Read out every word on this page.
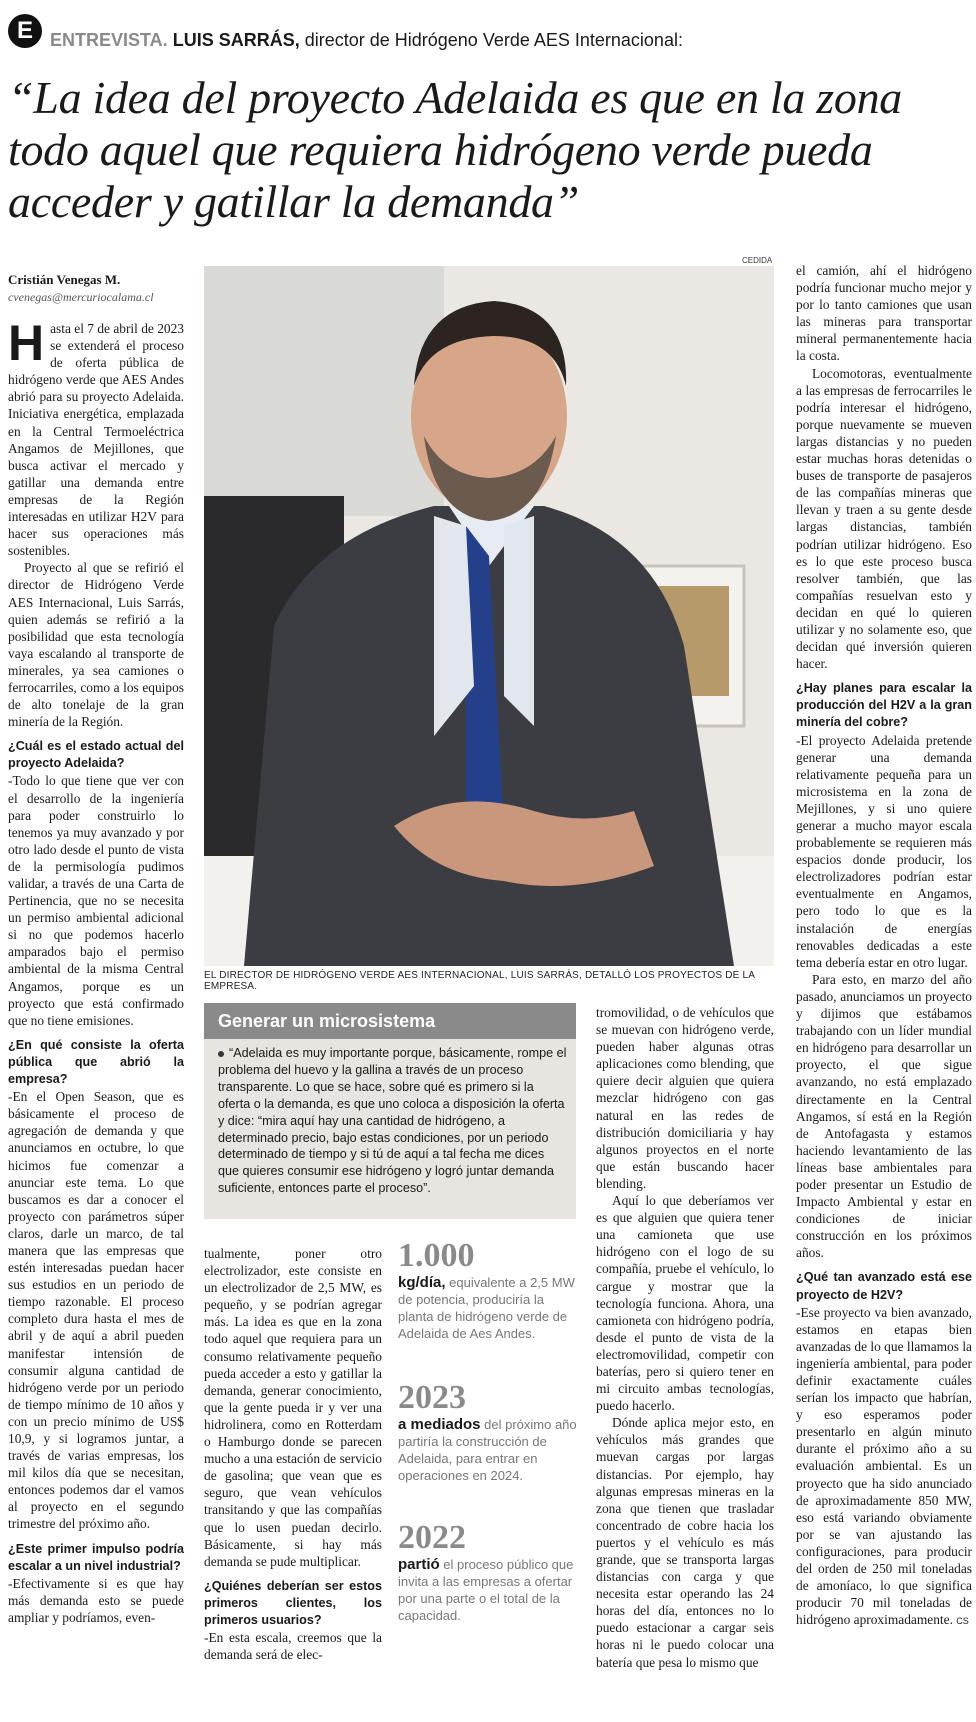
E ENTREVISTA. LUIS SARRÁS, director de Hidrógeno Verde AES Internacional:
“La idea del proyecto Adelaida es que en la zona todo aquel que requiera hidrógeno verde pueda acceder y gatillar la demanda”
Cristián Venegas M.
cvenegas@mercuriocalama.cl
CEDIDA

Hasta el 7 de abril de 2023 se extenderá el proceso de oferta pública de hidrógeno verde que AES Andes abrió para su proyecto Adelaida. Iniciativa energética, emplazada en la Central Termoeléctrica Angamos de Mejillones, que busca activar el mercado y gatillar una demanda entre empresas de la Región interesadas en utilizar H2V para hacer sus operaciones más sostenibles.

Proyecto al que se refirió el director de Hidrógeno Verde AES Internacional, Luis Sarrás, quien además se refirió a la posibilidad que esta tecnología vaya escalando al transporte de minerales, ya sea camiones o ferrocarriles, como a los equipos de alto tonelaje de la gran minería de la Región.

¿Cuál es el estado actual del proyecto Adelaida?

-Todo lo que tiene que ver con el desarrollo de la ingeniería para poder construirlo lo tenemos ya muy avanzado y por otro lado desde el punto de vista de la permisología pudimos validar, a través de una Carta de Pertinencia, que no se necesita un permiso ambiental adicional si no que podemos hacerlo amparados bajo el permiso ambiental de la misma Central Angamos, porque es un proyecto que está confirmado que no tiene emisiones.

¿En qué consiste la oferta pública que abrió la empresa?

-En el Open Season, que es básicamente el proceso de agregación de demanda y que anunciamos en octubre, lo que hicimos fue comenzar a anunciar este tema. Lo que buscamos es dar a conocer el proyecto con parámetros súper claros, darle un marco, de tal manera que las empresas que estén interesadas puedan hacer sus estudios en un periodo de tiempo razonable. El proceso completo dura hasta el mes de abril y de aquí a abril pueden manifestar intensión de consumir alguna cantidad de hidrógeno verde por un periodo de tiempo mínimo de 10 años y con un precio mínimo de US$ 10,9, y si logramos juntar, a través de varias empresas, los mil kilos día que se necesitan, entonces podemos dar el vamos al proyecto en el segundo trimestre del próximo año.

¿Este primer impulso podría escalar a un nivel industrial?

-Efectivamente si es que hay más demanda esto se puede ampliar y podríamos, even-

EL DIRECTOR DE HIDRÓGENO VERDE AES INTERNACIONAL, LUIS SARRÁS, DETALLÓ LOS PROYECTOS DE LA EMPRESA.
Generar un microsistema
“Adelaida es muy importante porque, básicamente, rompe el problema del huevo y la gallina a través de un proceso transparente. Lo que se hace, sobre qué es primero si la oferta o la demanda, es que uno coloca a disposición la oferta y dice: “mira aquí hay una cantidad de hidrógeno, a determinado precio, bajo estas condiciones, por un periodo determinado de tiempo y si tú de aquí a tal fecha me dices que quieres consumir ese hidrógeno y logró juntar demanda suficiente, entonces parte el proceso”.

tualmente, poner otro electrolizador, este consiste en un electrolizador de 2,5 MW, es pequeño, y se podrían agregar más. La idea es que en la zona todo aquel que requiera para un consumo relativamente pequeño pueda acceder a esto y gatillar la demanda, generar conocimiento, que la gente pueda ir y ver una hidrolinera, como en Rotterdam o Hamburgo donde se parecen mucho a una estación de servicio de gasolina; que vean que es seguro, que vean vehículos transitando y que las compañías que lo usen puedan decirlo. Básicamente, si hay más demanda se pude multiplicar.

¿Quiénes deberían ser estos primeros clientes, los primeros usuarios?

-En esta escala, creemos que la demanda será de elec-

1.000
kg/día, equivalente a 2,5 MW de potencia, produciría la planta de hidrógeno verde de Adelaida de Aes Andes.
2023
a mediados del próximo año partiría la construcción de Adelaida, para entrar en operaciones en 2024.
2022
partió el proceso público que invita a las empresas a ofertar por una parte o el total de la capacidad.

tromovilidad, o de vehículos que se muevan con hidrógeno verde, pueden haber algunas otras aplicaciones como blending, que quiere decir alguien que quiera mezclar hidrógeno con gas natural en las redes de distribución domiciliaria y hay algunos proyectos en el norte que están buscando hacer blending.

Aquí lo que deberíamos ver es que alguien que quiera tener una camioneta que use hidrógeno con el logo de su compañía, pruebe el vehículo, lo cargue y mostrar que la tecnología funciona. Ahora, una camioneta con hidrógeno podría, desde el punto de vista de la electromovilidad, competir con baterías, pero si quiero tener en mi circuito ambas tecnologías, puedo hacerlo.

Dónde aplica mejor esto, en vehículos más grandes que muevan cargas por largas distancias. Por ejemplo, hay algunas empresas mineras en la zona que tienen que trasladar concentrado de cobre hacia los puertos y el vehículo es más grande, que se transporta largas distancias con carga y que necesita estar operando las 24 horas del día, entonces no lo puedo estacionar a cargar seis horas ni le puedo colocar una batería que pesa lo mismo que

el camión, ahí el hidrógeno podría funcionar mucho mejor y por lo tanto camiones que usan las mineras para transportar mineral permanentemente hacia la costa.

Locomotoras, eventualmente a las empresas de ferrocarriles le podría interesar el hidrógeno, porque nuevamente se mueven largas distancias y no pueden estar muchas horas detenidas o buses de transporte de pasajeros de las compañías mineras que llevan y traen a su gente desde largas distancias, también podrían utilizar hidrógeno. Eso es lo que este proceso busca resolver también, que las compañías resuelvan esto y decidan en qué lo quieren utilizar y no solamente eso, que decidan qué inversión quieren hacer.

¿Hay planes para escalar la producción del H2V a la gran minería del cobre?

-El proyecto Adelaida pretende generar una demanda relativamente pequeña para un microsistema en la zona de Mejillones, y si uno quiere generar a mucho mayor escala probablemente se requieren más espacios donde producir, los electrolizadores podrían estar eventualmente en Angamos, pero todo lo que es la instalación de energías renovables dedicadas a este tema debería estar en otro lugar.

Para esto, en marzo del año pasado, anunciamos un proyecto y dijimos que estábamos trabajando con un líder mundial en hidrógeno para desarrollar un proyecto, el que sigue avanzando, no está emplazado directamente en la Central Angamos, sí está en la Región de Antofagasta y estamos haciendo levantamiento de las líneas base ambientales para poder presentar un Estudio de Impacto Ambiental y estar en condiciones de iniciar construcción en los próximos años.

¿Qué tan avanzado está ese proyecto de H2V?

-Ese proyecto va bien avanzado, estamos en etapas bien avanzadas de lo que llamamos la ingeniería ambiental, para poder definir exactamente cuáles serían los impacto que habrían, y eso esperamos poder presentarlo en algún minuto durante el próximo año a su evaluación ambiental. Es un proyecto que ha sido anunciado de aproximadamente 850 MW, eso está variando obviamente por se van ajustando las configuraciones, para producir del orden de 250 mil toneladas de amoníaco, lo que significa producir 70 mil toneladas de hidrógeno aproximadamente. CS
